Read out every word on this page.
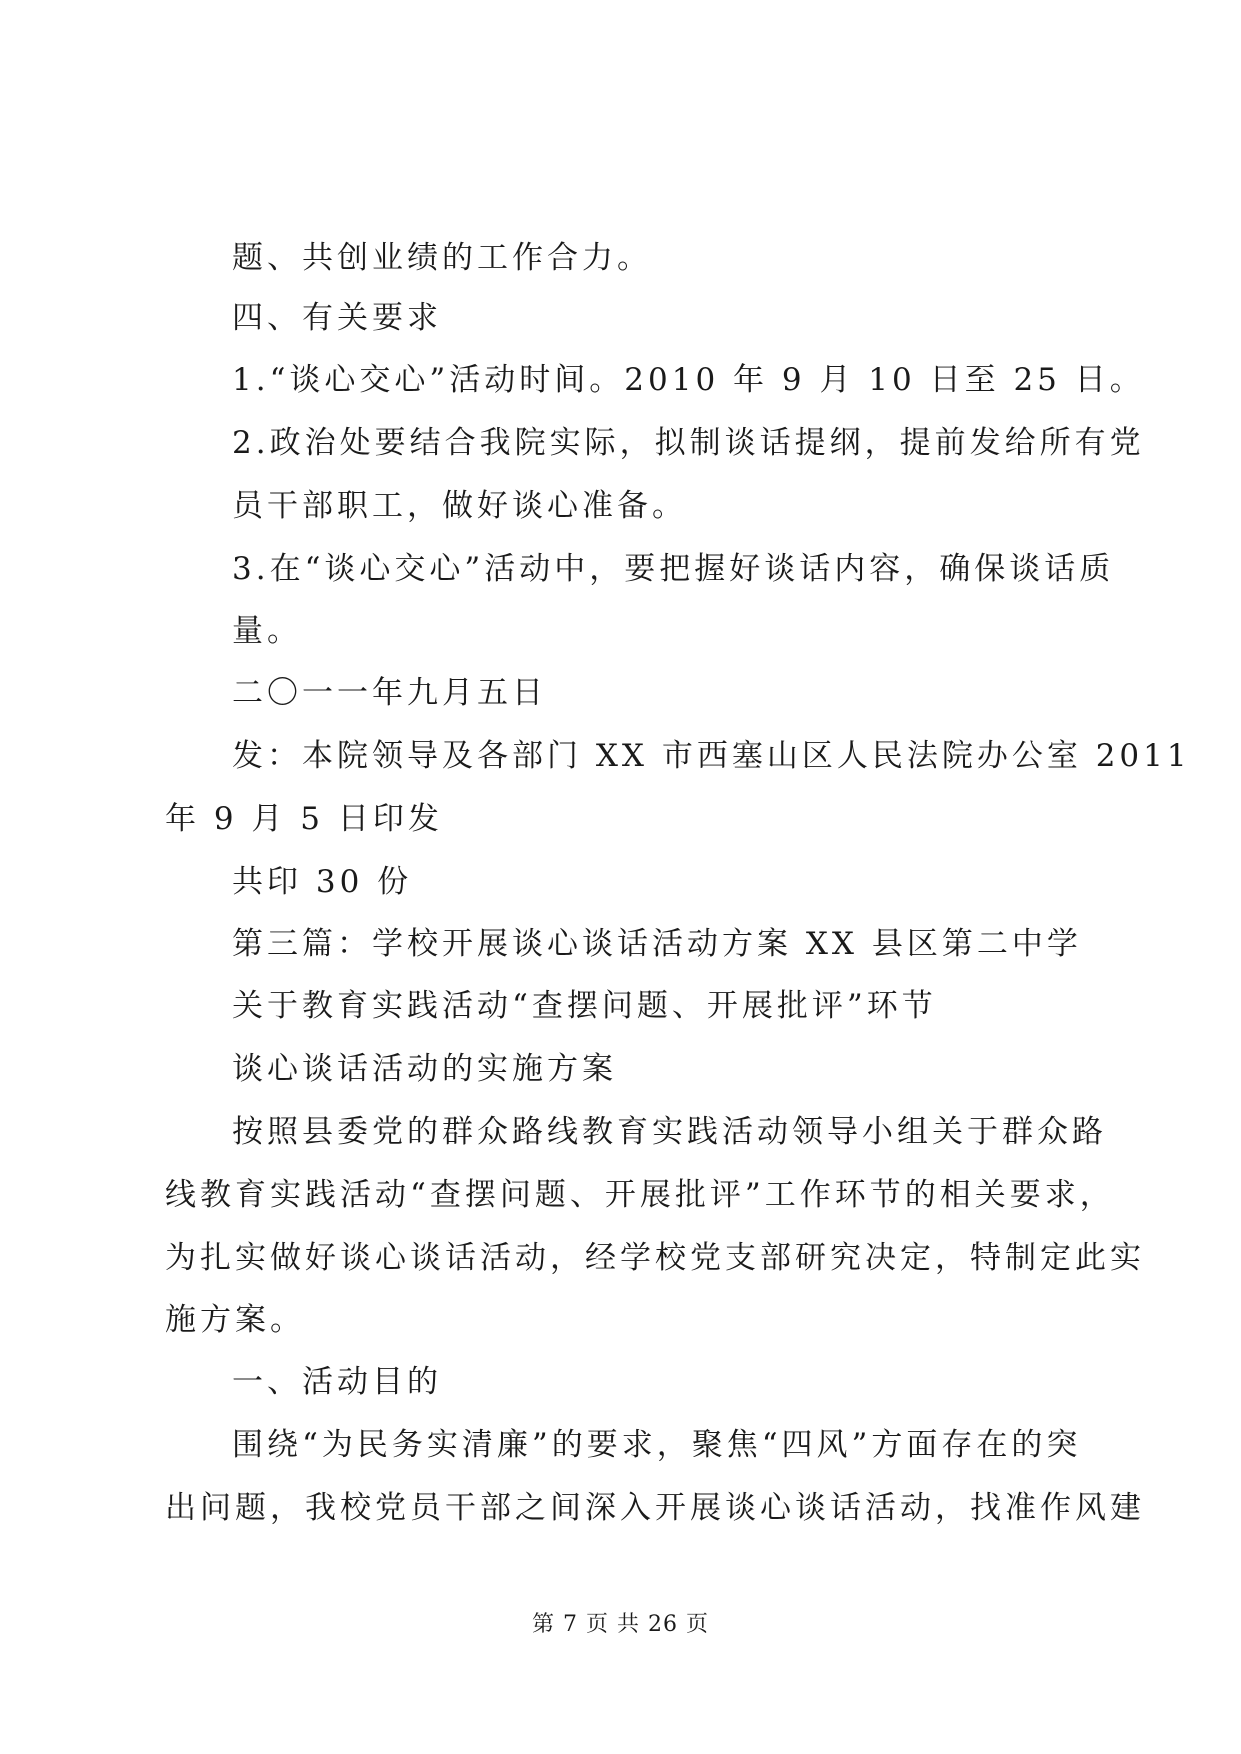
题、共创业绩的工作合力。
四、有关要求
1.“谈心交心”活动时间。2010 年 9 月 10 日至 25 日。
2.政治处要结合我院实际，拟制谈话提纲，提前发给所有党
员干部职工，做好谈心准备。
3.在“谈心交心”活动中，要把握好谈话内容，确保谈话质
量。
二〇一一年九月五日
发：本院领导及各部门 XX 市西塞山区人民法院办公室 2011
年 9 月 5 日印发
共印 30 份
第三篇：学校开展谈心谈话活动方案 XX 县区第二中学
关于教育实践活动“查摆问题、开展批评”环节
谈心谈话活动的实施方案
按照县委党的群众路线教育实践活动领导小组关于群众路
线教育实践活动“查摆问题、开展批评”工作环节的相关要求，
为扎实做好谈心谈话活动，经学校党支部研究决定，特制定此实
施方案。
一、活动目的
围绕“为民务实清廉”的要求，聚焦“四风”方面存在的突
出问题，我校党员干部之间深入开展谈心谈话活动，找准作风建
第 7 页 共 26 页
